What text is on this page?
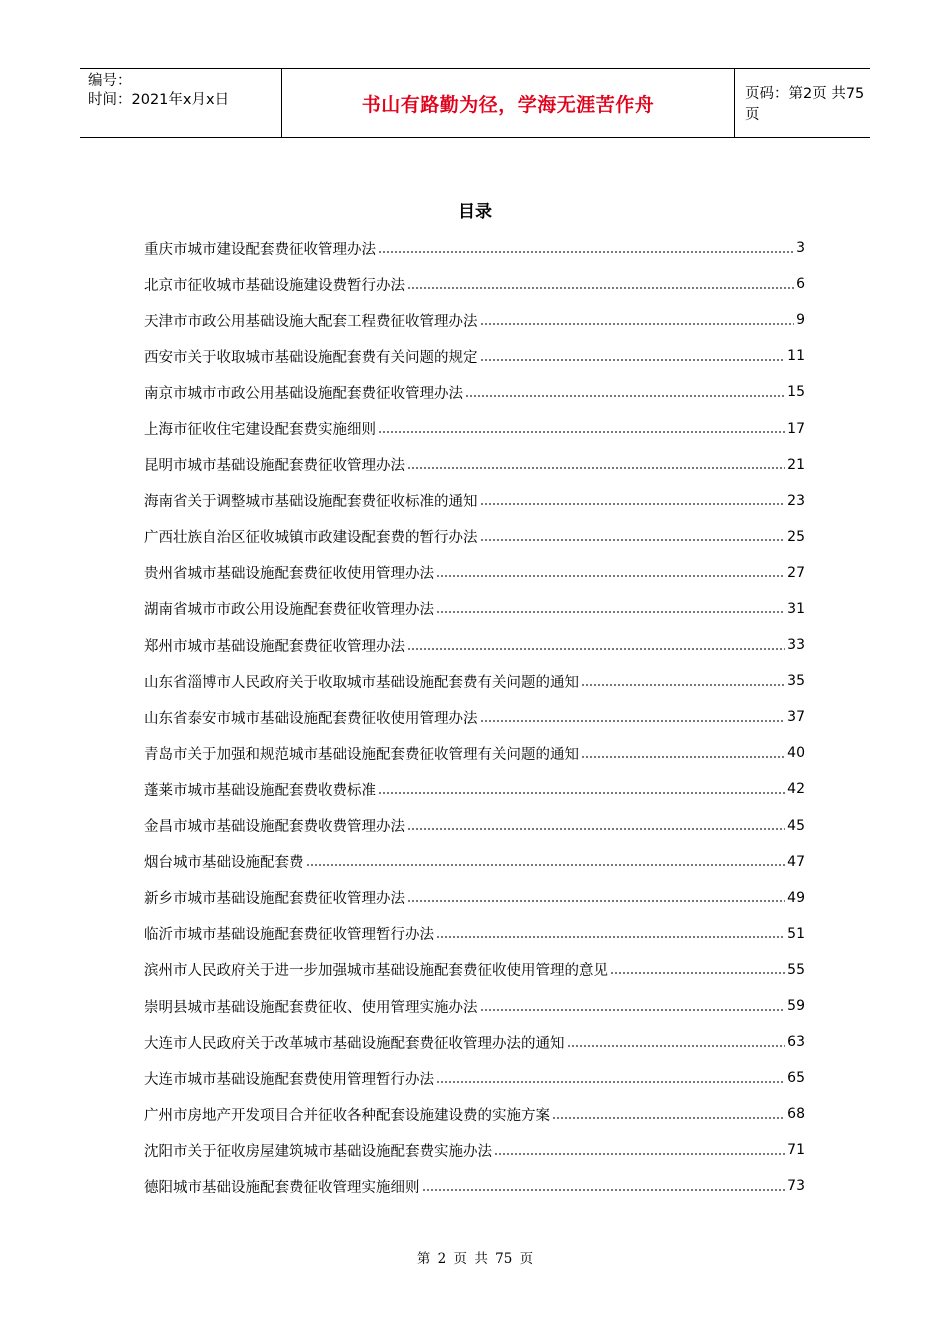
编号：
时间：2021年x月x日	书山有路勤为径，学海无涯苦作舟	页码：第2页 共75页
目录
重庆市城市建设配套费征收管理办法	3
北京市征收城市基础设施建设费暂行办法	6
天津市市政公用基础设施大配套工程费征收管理办法	9
西安市关于收取城市基础设施配套费有关问题的规定	11
南京市城市市政公用基础设施配套费征收管理办法	15
上海市征收住宅建设配套费实施细则	17
昆明市城市基础设施配套费征收管理办法	21
海南省关于调整城市基础设施配套费征收标准的通知	23
广西壮族自治区征收城镇市政建设配套费的暂行办法	25
贵州省城市基础设施配套费征收使用管理办法	27
湖南省城市市政公用设施配套费征收管理办法	31
郑州市城市基础设施配套费征收管理办法	33
山东省淄博市人民政府关于收取城市基础设施配套费有关问题的通知	35
山东省泰安市城市基础设施配套费征收使用管理办法	37
青岛市关于加强和规范城市基础设施配套费征收管理有关问题的通知	40
蓬莱市城市基础设施配套费收费标准	42
金昌市城市基础设施配套费收费管理办法	45
烟台城市基础设施配套费	47
新乡市城市基础设施配套费征收管理办法	49
临沂市城市基础设施配套费征收管理暂行办法	51
滨州市人民政府关于进一步加强城市基础设施配套费征收使用管理的意见	55
崇明县城市基础设施配套费征收、使用管理实施办法	59
大连市人民政府关于改革城市基础设施配套费征收管理办法的通知	63
大连市城市基础设施配套费使用管理暂行办法	65
广州市房地产开发项目合并征收各种配套设施建设费的实施方案	68
沈阳市关于征收房屋建筑城市基础设施配套费实施办法	71
德阳城市基础设施配套费征收管理实施细则	73
第 2 页 共 75 页
